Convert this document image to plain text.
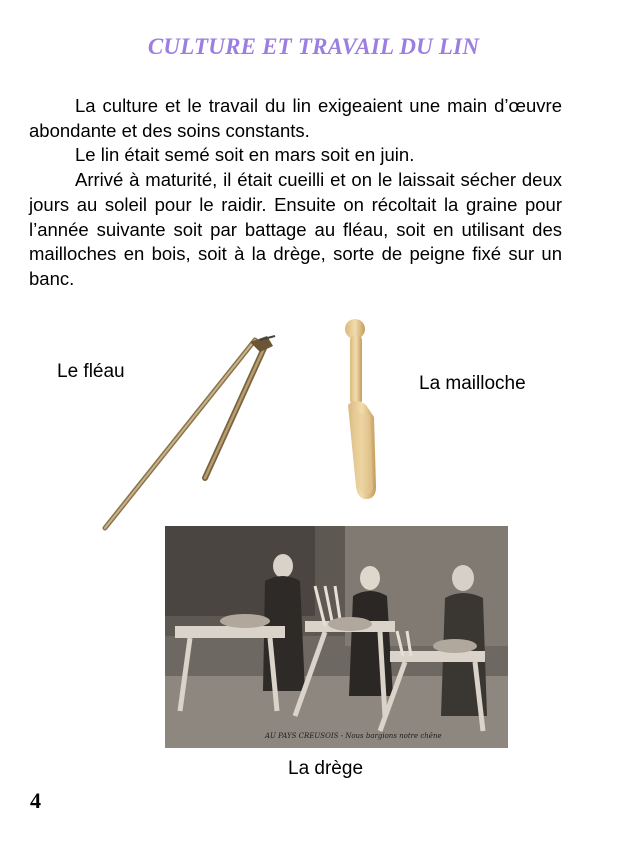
CULTURE ET TRAVAIL DU LIN

La culture et le travail du lin exigeaient une main d’œuvre abondante et des soins constants.

Le lin était semé soit en mars soit en juin.

Arrivé à maturité, il était cueilli et on le laissait sécher deux jours au soleil pour le raidir. Ensuite on récoltait la graine pour l’année suivante soit par battage au fléau, soit en utilisant des mailloches en bois, soit à la drège, sorte de peigne fixé sur un banc.

Le fléau
La mailloche
AU PAYS CREUSOIS - Nous bargions notre chêne
La drège
4
